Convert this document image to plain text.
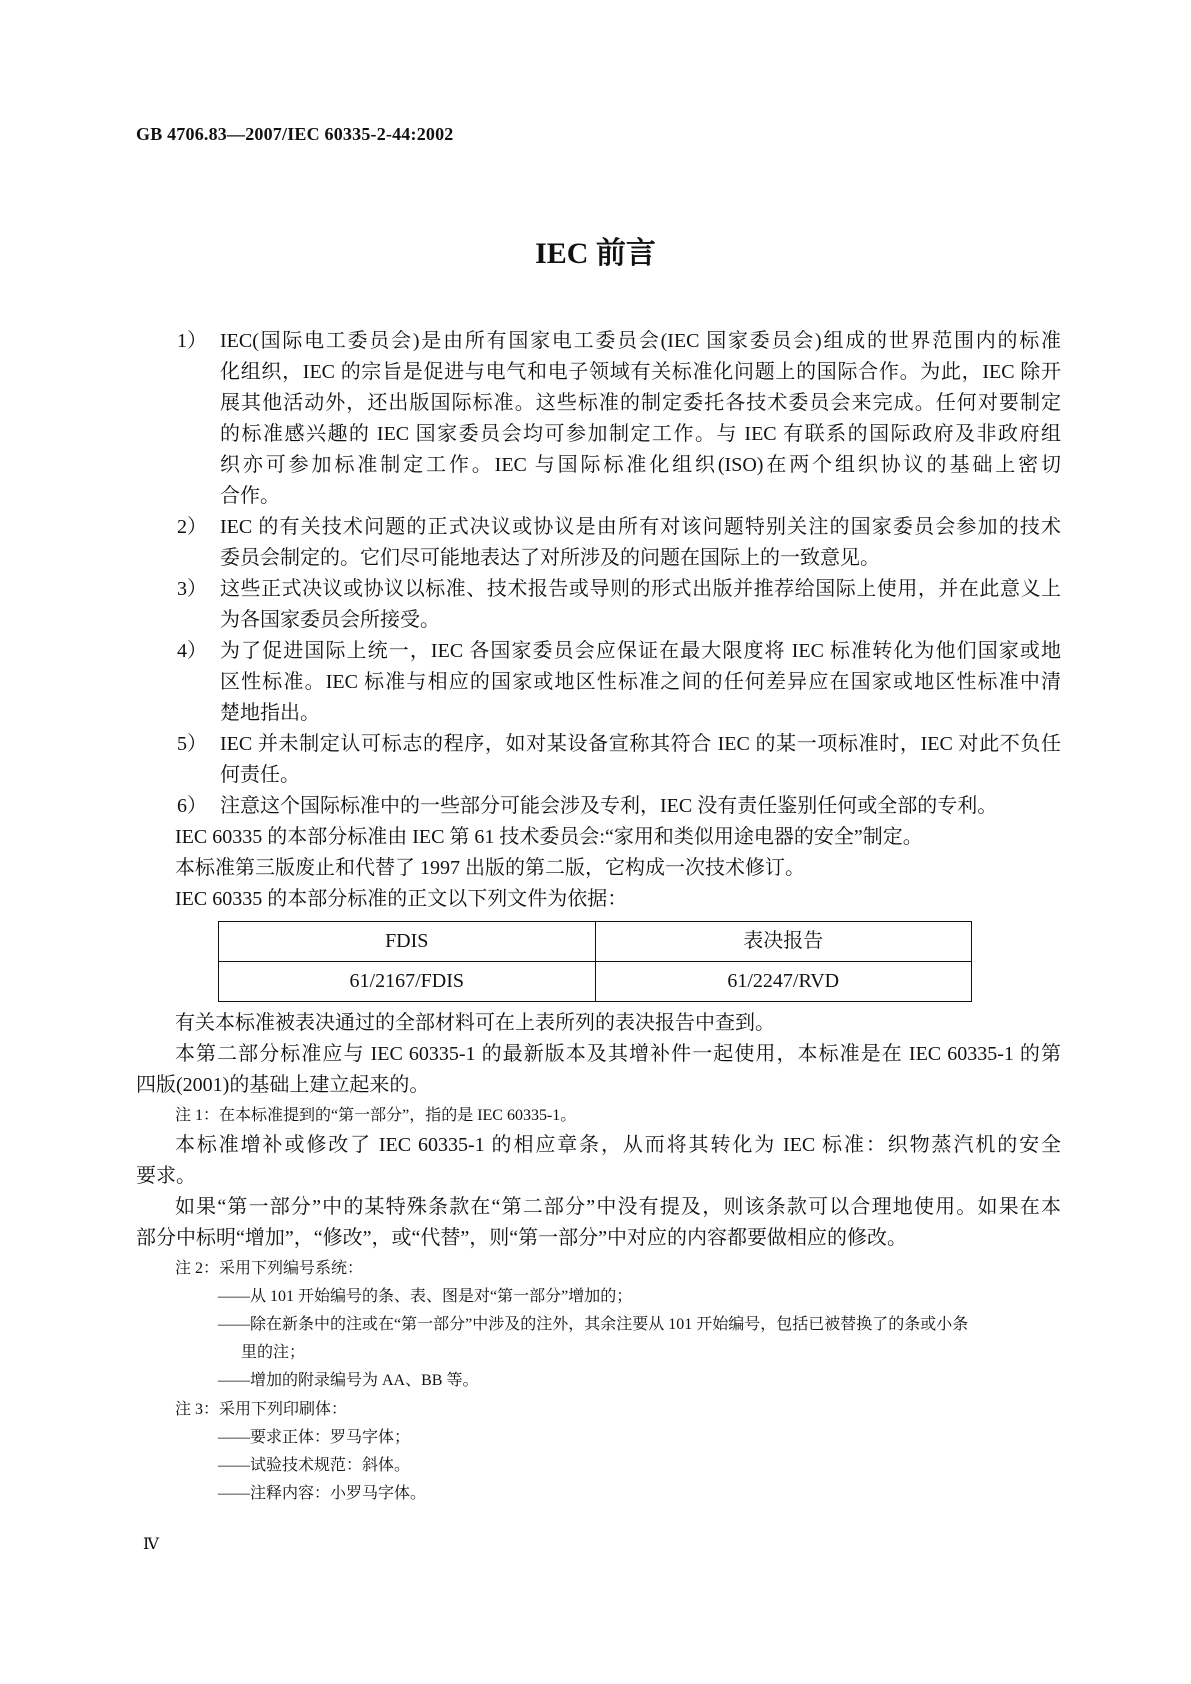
GB 4706.83—2007/IEC 60335-2-44:2002
IEC 前言
1） IEC(国际电工委员会)是由所有国家电工委员会(IEC 国家委员会)组成的世界范围内的标准
化组织，IEC 的宗旨是促进与电气和电子领域有关标准化问题上的国际合作。为此，IEC 除开
展其他活动外，还出版国际标准。这些标准的制定委托各技术委员会来完成。任何对要制定
的标准感兴趣的 IEC 国家委员会均可参加制定工作。与 IEC 有联系的国际政府及非政府组
织亦可参加标准制定工作。IEC 与国际标准化组织(ISO)在两个组织协议的基础上密切
合作。
2） IEC 的有关技术问题的正式决议或协议是由所有对该问题特别关注的国家委员会参加的技术
委员会制定的。它们尽可能地表达了对所涉及的问题在国际上的一致意见。
3） 这些正式决议或协议以标准、技术报告或导则的形式出版并推荐给国际上使用，并在此意义上
为各国家委员会所接受。
4） 为了促进国际上统一，IEC 各国家委员会应保证在最大限度将 IEC 标准转化为他们国家或地
区性标准。IEC 标准与相应的国家或地区性标准之间的任何差异应在国家或地区性标准中清
楚地指出。
5） IEC 并未制定认可标志的程序，如对某设备宣称其符合 IEC 的某一项标准时，IEC 对此不负任
何责任。
6） 注意这个国际标准中的一些部分可能会涉及专利，IEC 没有责任鉴别任何或全部的专利。
IEC 60335 的本部分标准由 IEC 第 61 技术委员会:“家用和类似用途电器的安全”制定。
本标准第三版废止和代替了 1997 出版的第二版，它构成一次技术修订。
IEC 60335 的本部分标准的正文以下列文件为依据：
FDIS	表决报告
61/2167/FDIS	61/2247/RVD
有关本标准被表决通过的全部材料可在上表所列的表决报告中查到。
本第二部分标准应与 IEC 60335-1 的最新版本及其增补件一起使用，本标准是在 IEC 60335-1 的第
四版(2001)的基础上建立起来的。
注 1：在本标准提到的“第一部分”，指的是 IEC 60335-1。
本标准增补或修改了 IEC 60335-1 的相应章条，从而将其转化为 IEC 标准：织物蒸汽机的安全
要求。
如果“第一部分”中的某特殊条款在“第二部分”中没有提及，则该条款可以合理地使用。如果在本
部分中标明“增加”，“修改”，或“代替”，则“第一部分”中对应的内容都要做相应的修改。
注 2：采用下列编号系统：
——从 101 开始编号的条、表、图是对“第一部分”增加的；
——除在新条中的注或在“第一部分”中涉及的注外，其余注要从 101 开始编号，包括已被替换了的条或小条
里的注；
——增加的附录编号为 AA、BB 等。
注 3：采用下列印刷体：
——要求正体：罗马字体；
——试验技术规范：斜体。
——注释内容：小罗马字体。
Ⅳ
